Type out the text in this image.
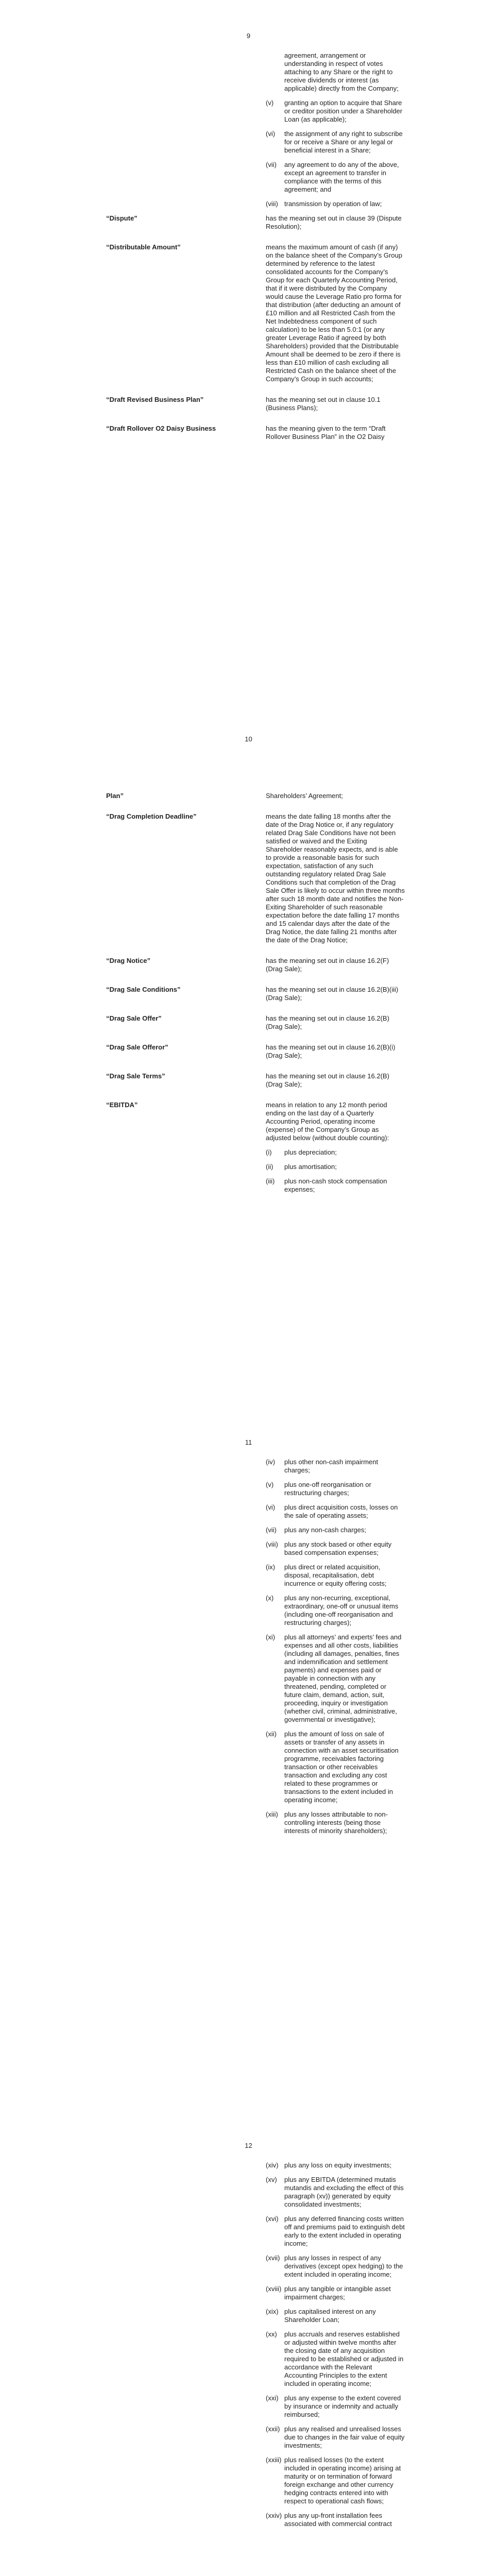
9
agreement, arrangement or understanding in respect of votes attaching to any Share or the right to receive dividends or interest (as applicable) directly from the Company;
(v)	granting an option to acquire that Share or creditor position under a Shareholder Loan (as applicable);
(vi)	the assignment of any right to subscribe for or receive a Share or any legal or beneficial interest in a Share;
(vii)	any agreement to do any of the above, except an agreement to transfer in compliance with the terms of this agreement; and
(viii) transmission by operation of law;
“Dispute”	has the meaning set out in clause 39 (Dispute Resolution);
“Distributable Amount”	means the maximum amount of cash (if any) on the balance sheet of the Company’s Group determined by reference to the latest consolidated accounts for the Company’s Group for each Quarterly Accounting Period, that if it were distributed by the Company would cause the Leverage Ratio pro forma for that distribution (after deducting an amount of £10 million and all Restricted Cash from the Net Indebtedness component of such calculation) to be less than 5.0:1 (or any greater Leverage Ratio if agreed by both Shareholders) provided that the Distributable Amount shall be deemed to be zero if there is less than £10 million of cash excluding all Restricted Cash on the balance sheet of the Company’s Group in such accounts;
“Draft Revised Business Plan”	has the meaning set out in clause 10.1 (Business Plans);
“Draft Rollover O2 Daisy Business	has the meaning given to the term “Draft Rollover Business Plan” in the O2 Daisy
10
Plan”	Shareholders’ Agreement;
“Drag Completion Deadline”	means the date falling 18 months after the date of the Drag Notice or, if any regulatory related Drag Sale Conditions have not been satisfied or waived and the Exiting Shareholder reasonably expects, and is able to provide a reasonable basis for such expectation, satisfaction of any such outstanding regulatory related Drag Sale Conditions such that completion of the Drag Sale Offer is likely to occur within three months after such 18 month date and notifies the Non-Exiting Shareholder of such reasonable expectation before the date falling 17 months and 15 calendar days after the date of the Drag Notice, the date falling 21 months after the date of the Drag Notice;
“Drag Notice”	has the meaning set out in clause 16.2(F) (Drag Sale);
“Drag Sale Conditions”	has the meaning set out in clause 16.2(B)(iii) (Drag Sale);
“Drag Sale Offer”	has the meaning set out in clause 16.2(B) (Drag Sale);
“Drag Sale Offeror”	has the meaning set out in clause 16.2(B)(i) (Drag Sale);
“Drag Sale Terms”	has the meaning set out in clause 16.2(B) (Drag Sale);
“EBITDA”	means in relation to any 12 month period ending on the last day of a Quarterly Accounting Period, operating income (expense) of the Company’s Group as adjusted below (without double counting):
(i)	plus depreciation;
(ii)	plus amortisation;
(iii)	plus non-cash stock compensation expenses;
11
(iv)	plus other non-cash impairment charges;
(v)	plus one-off reorganisation or restructuring charges;
(vi)	plus direct acquisition costs, losses on the sale of operating assets;
(vii)	plus any non-cash charges;
(viii) plus any stock based or other equity based compensation expenses;
(ix)	plus direct or related acquisition, disposal, recapitalisation, debt incurrence or equity offering costs;
(x)	plus any non-recurring, exceptional, extraordinary, one-off or unusual items (including one-off reorganisation and restructuring charges);
(xi)	plus all attorneys’ and experts’ fees and expenses and all other costs, liabilities (including all damages, penalties, fines and indemnification and settlement payments) and expenses paid or payable in connection with any threatened, pending, completed or future claim, demand, action, suit, proceeding, inquiry or investigation (whether civil, criminal, administrative, governmental or investigative);
(xii)	plus the amount of loss on sale of assets or transfer of any assets in connection with an asset securitisation programme, receivables factoring transaction or other receivables transaction and excluding any cost related to these programmes or transactions to the extent included in operating income;
(xiii) plus any losses attributable to non-controlling interests (being those interests of minority shareholders);
12
(xiv) plus any loss on equity investments;
(xv)	plus any EBITDA (determined mutatis mutandis and excluding the effect of this paragraph (xv)) generated by equity consolidated investments;
(xvi) plus any deferred financing costs written off and premiums paid to extinguish debt early to the extent included in operating income;
(xvii) plus any losses in respect of any derivatives (except opex hedging) to the extent included in operating income;
(xviii) plus any tangible or intangible asset impairment charges;
(xix) plus capitalised interest on any Shareholder Loan;
(xx)	plus accruals and reserves established or adjusted within twelve months after the closing date of any acquisition required to be established or adjusted in accordance with the Relevant Accounting Principles to the extent included in operating income;
(xxi) plus any expense to the extent covered by insurance or indemnity and actually reimbursed;
(xxii) plus any realised and unrealised losses due to changes in the fair value of equity investments;
(xxiii) plus realised losses (to the extent included in operating income) arising at maturity or on termination of forward foreign exchange and other currency hedging contracts entered into with respect to operational cash flows;
(xxiv) plus any up-front installation fees associated with commercial contract
